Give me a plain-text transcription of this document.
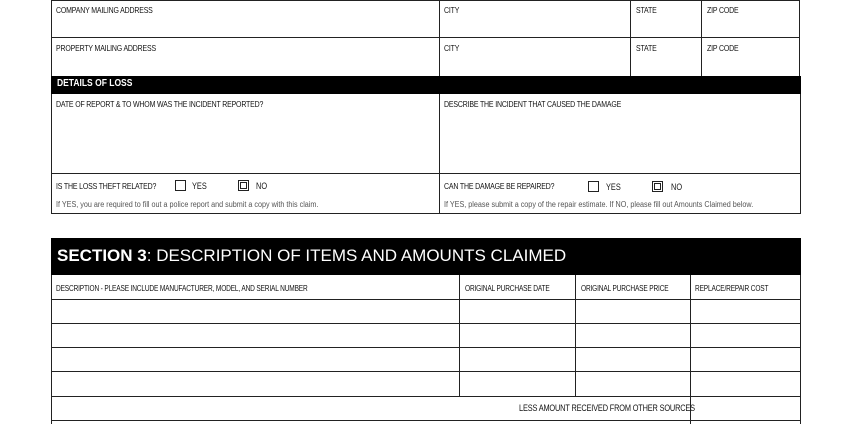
COMPANY MAILING ADDRESS	CITY	STATE	ZIP CODE
PROPERTY MAILING ADDRESS	CITY	STATE	ZIP CODE
DETAILS OF LOSS
DATE OF REPORT & TO WHOM WAS THE INCIDENT REPORTED?	DESCRIBE THE INCIDENT THAT CAUSED THE DAMAGE
IS THE LOSS THEFT RELATED?	YES	NO
If YES, you are required to fill out a police report and submit a copy with this claim.
CAN THE DAMAGE BE REPAIRED?	YES	NO
If YES, please submit a copy of the repair estimate. If NO, please fill out Amounts Claimed below.
SECTION 3: DESCRIPTION OF ITEMS AND AMOUNTS CLAIMED
DESCRIPTION - PLEASE INCLUDE MANUFACTURER, MODEL, AND SERIAL NUMBER	ORIGINAL PURCHASE DATE	ORIGINAL PURCHASE PRICE	REPLACE/REPAIR COST
LESS AMOUNT RECEIVED FROM OTHER SOURCES
